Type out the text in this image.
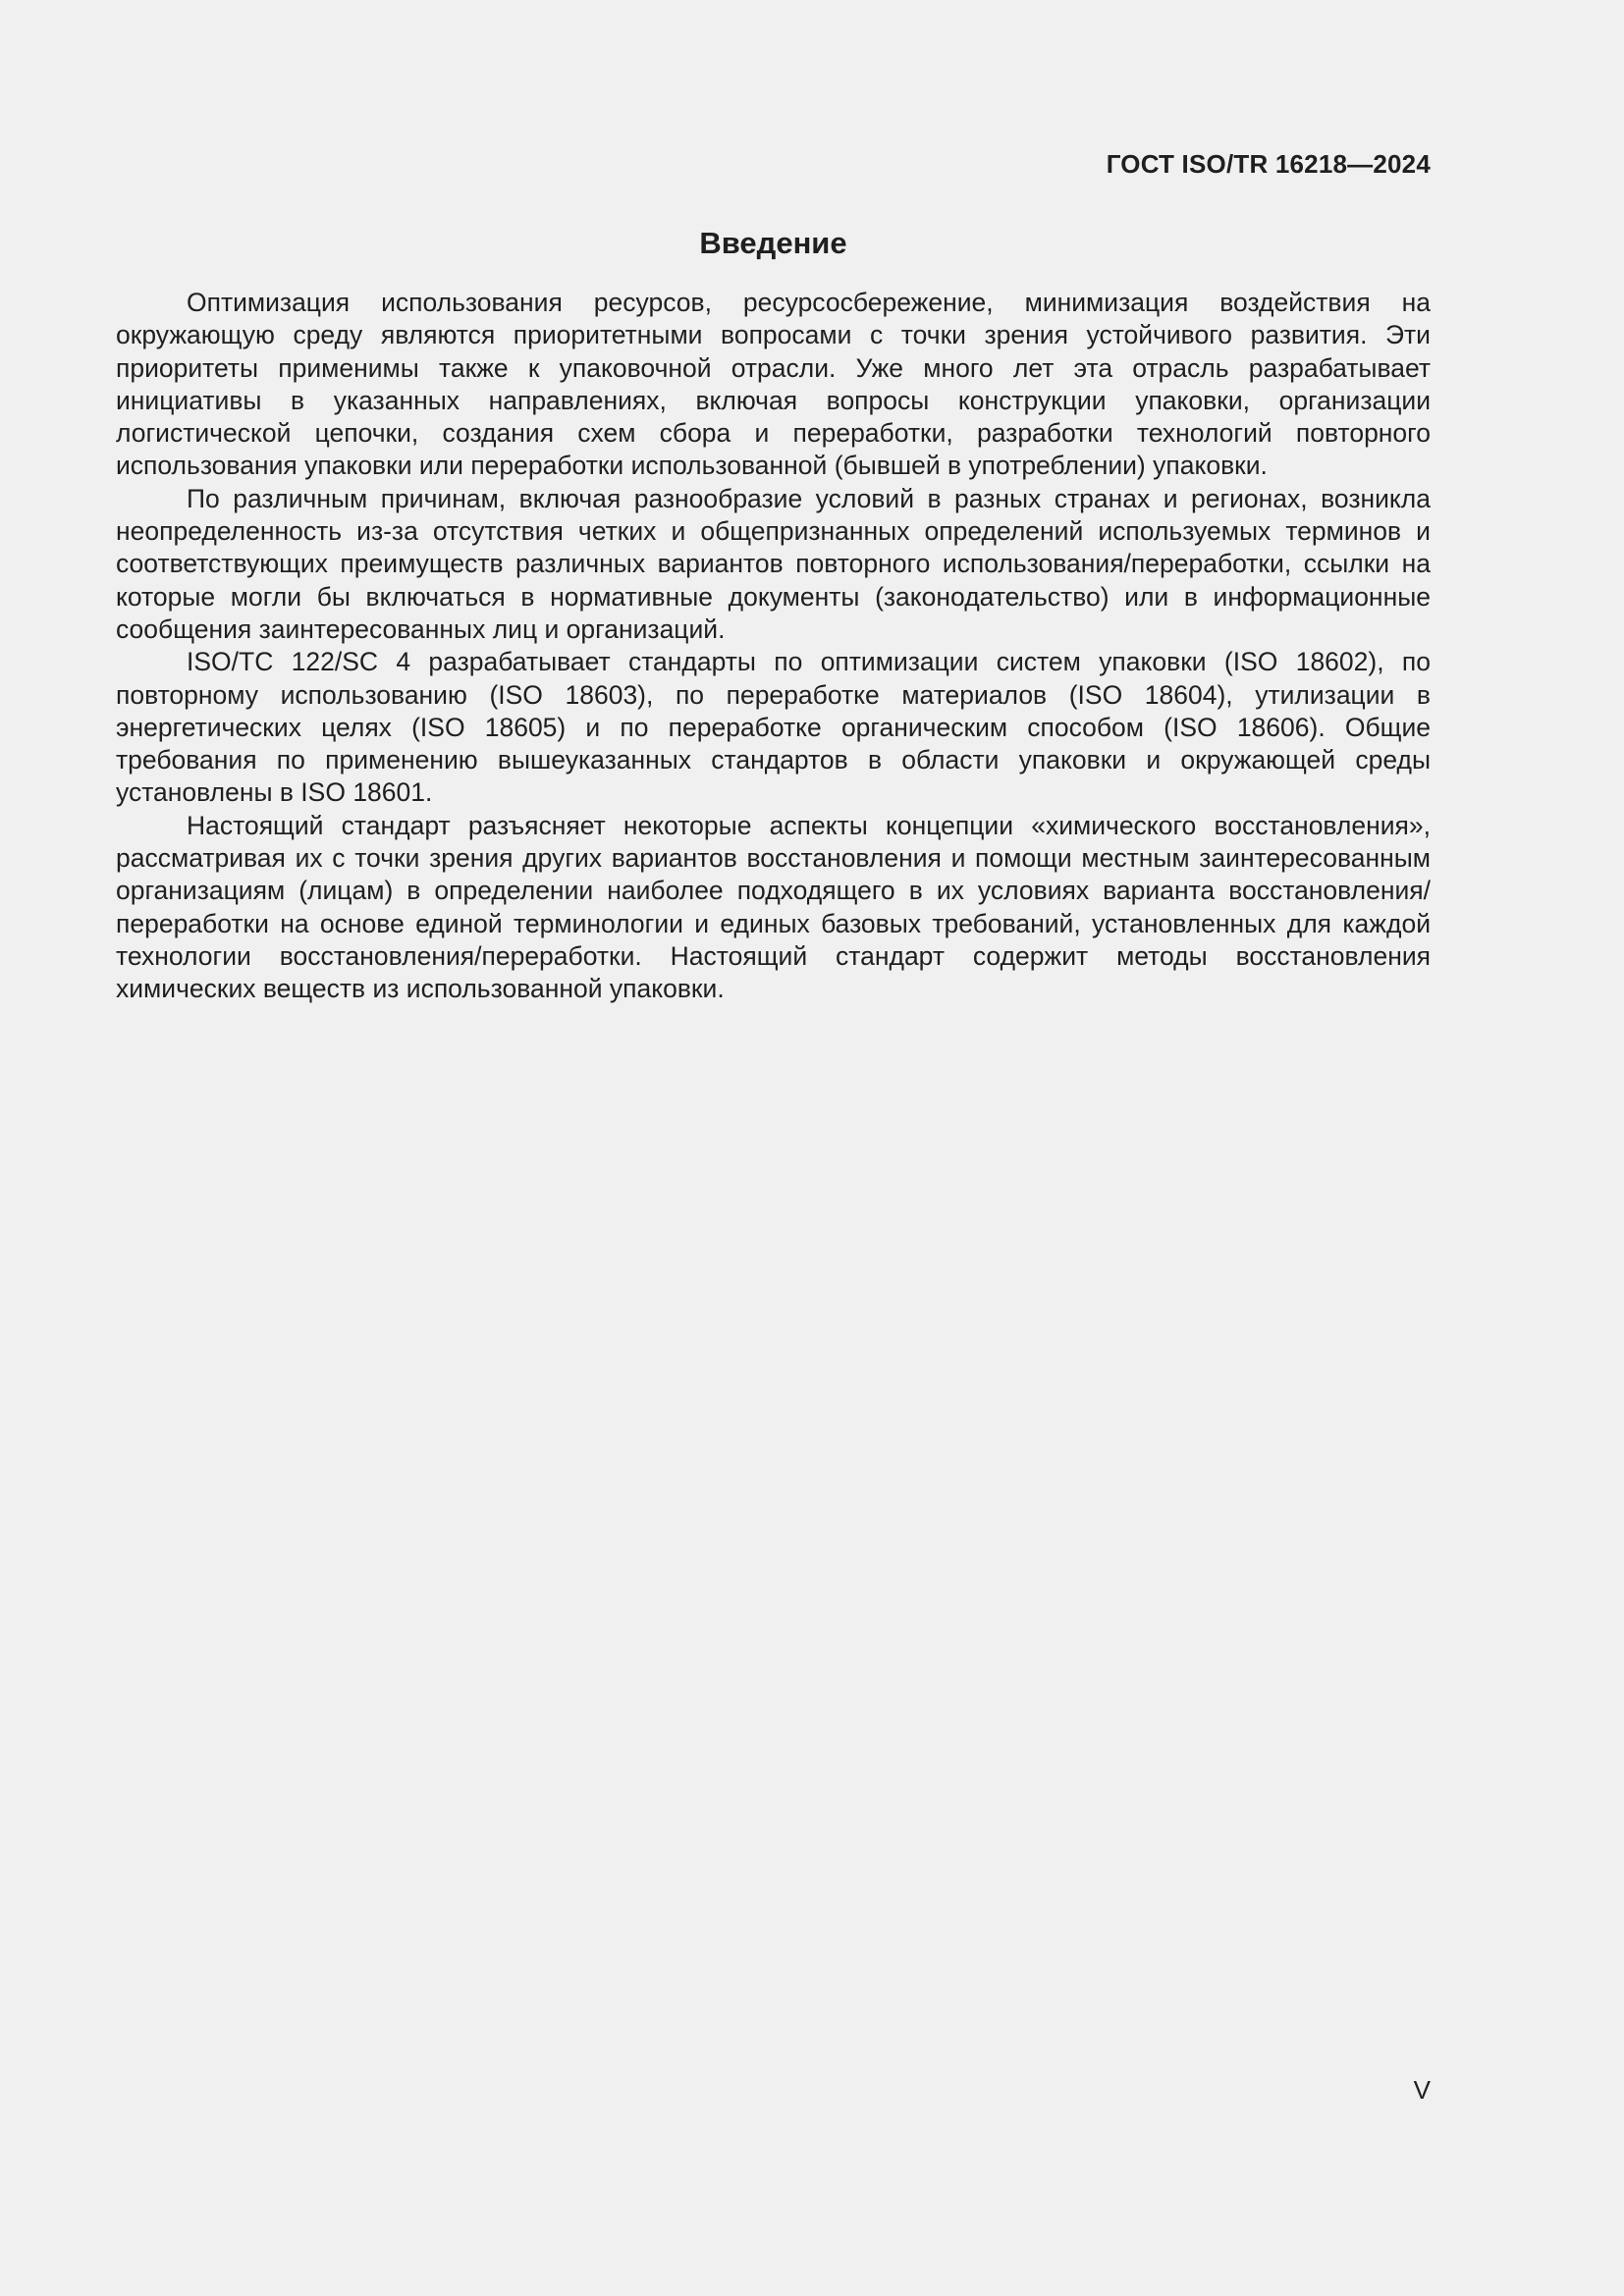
ГОСТ ISO/TR 16218—2024
Введение

Оптимизация использования ресурсов, ресурсосбережение, минимизация воздействия на окружающую среду являются приоритетными вопросами с точки зрения устойчивого развития. Эти приоритеты применимы также к упаковочной отрасли. Уже много лет эта отрасль разрабатывает инициативы в указанных направлениях, включая вопросы конструкции упаковки, организации логистической цепочки, создания схем сбора и переработки, разработки технологий повторного использования упаковки или переработки использованной (бывшей в употреблении) упаковки.

По различным причинам, включая разнообразие условий в разных странах и регионах, возникла неопределенность из-за отсутствия четких и общепризнанных определений используемых терминов и соответствующих преимуществ различных вариантов повторного использования/переработки, ссылки на которые могли бы включаться в нормативные документы (законодательство) или в информационные сообщения заинтересованных лиц и организаций.

ISO/TC 122/SC 4 разрабатывает стандарты по оптимизации систем упаковки (ISO 18602), по повторному использованию (ISO 18603), по переработке материалов (ISO 18604), утилизации в энергетических целях (ISO 18605) и по переработке органическим способом (ISO 18606). Общие требования по применению вышеуказанных стандартов в области упаковки и окружающей среды установлены в ISO 18601.

Настоящий стандарт разъясняет некоторые аспекты концепции «химического восстановления», рассматривая их с точки зрения других вариантов восстановления и помощи местным заинтересованным организациям (лицам) в определении наиболее подходящего в их условиях варианта восстановления/переработки на основе единой терминологии и единых базовых требований, установленных для каждой технологии восстановления/переработки. Настоящий стандарт содержит методы восстановления химических веществ из использованной упаковки.

V
